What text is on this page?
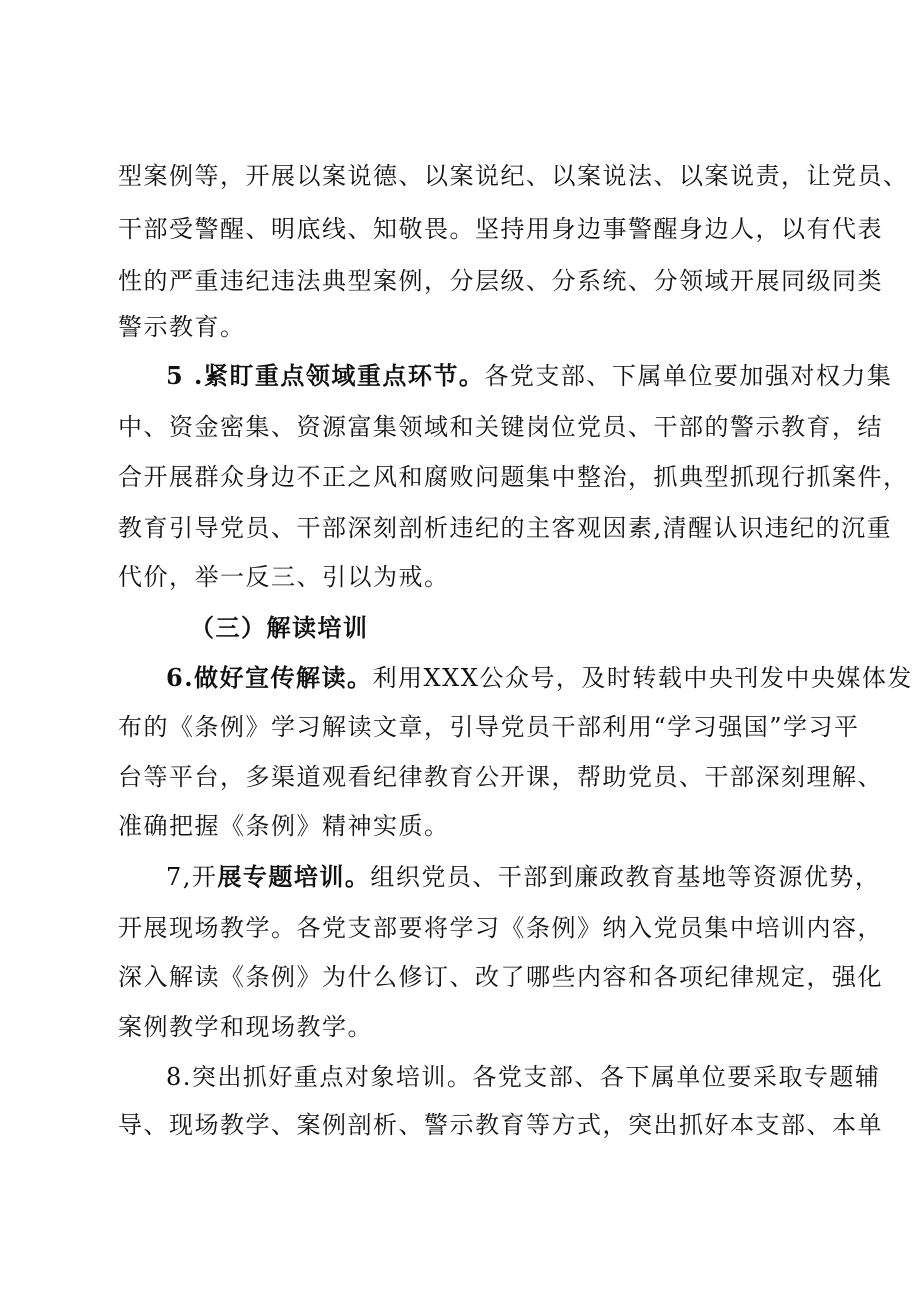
型案例等，开展以案说德、以案说纪、以案说法、以案说责，让党员、
干部受警醒、明底线、知敬畏。坚持用身边事警醒身边人，以有代表
性的严重违纪违法典型案例，分层级、分系统、分领域开展同级同类
警示教育。
5 .紧盯重点领域重点环节。各党支部、下属单位要加强对权力集
中、资金密集、资源富集领域和关键岗位党员、干部的警示教育，结
合开展群众身边不正之风和腐败问题集中整治，抓典型抓现行抓案件，
教育引导党员、干部深刻剖析违纪的主客观因素,清醒认识违纪的沉重
代价，举一反三、引以为戒。
（三）解读培训
6.做好宣传解读。利用XXX公众号，及时转载中央刊发中央媒体发
布的《条例》学习解读文章，引导党员干部利用“学习强国”学习平
台等平台，多渠道观看纪律教育公开课，帮助党员、干部深刻理解、
准确把握《条例》精神实质。
7,开展专题培训。组织党员、干部到廉政教育基地等资源优势，
开展现场教学。各党支部要将学习《条例》纳入党员集中培训内容，
深入解读《条例》为什么修订、改了哪些内容和各项纪律规定，强化
案例教学和现场教学。
8.突出抓好重点对象培训。各党支部、各下属单位要采取专题辅
导、现场教学、案例剖析、警示教育等方式，突出抓好本支部、本单
